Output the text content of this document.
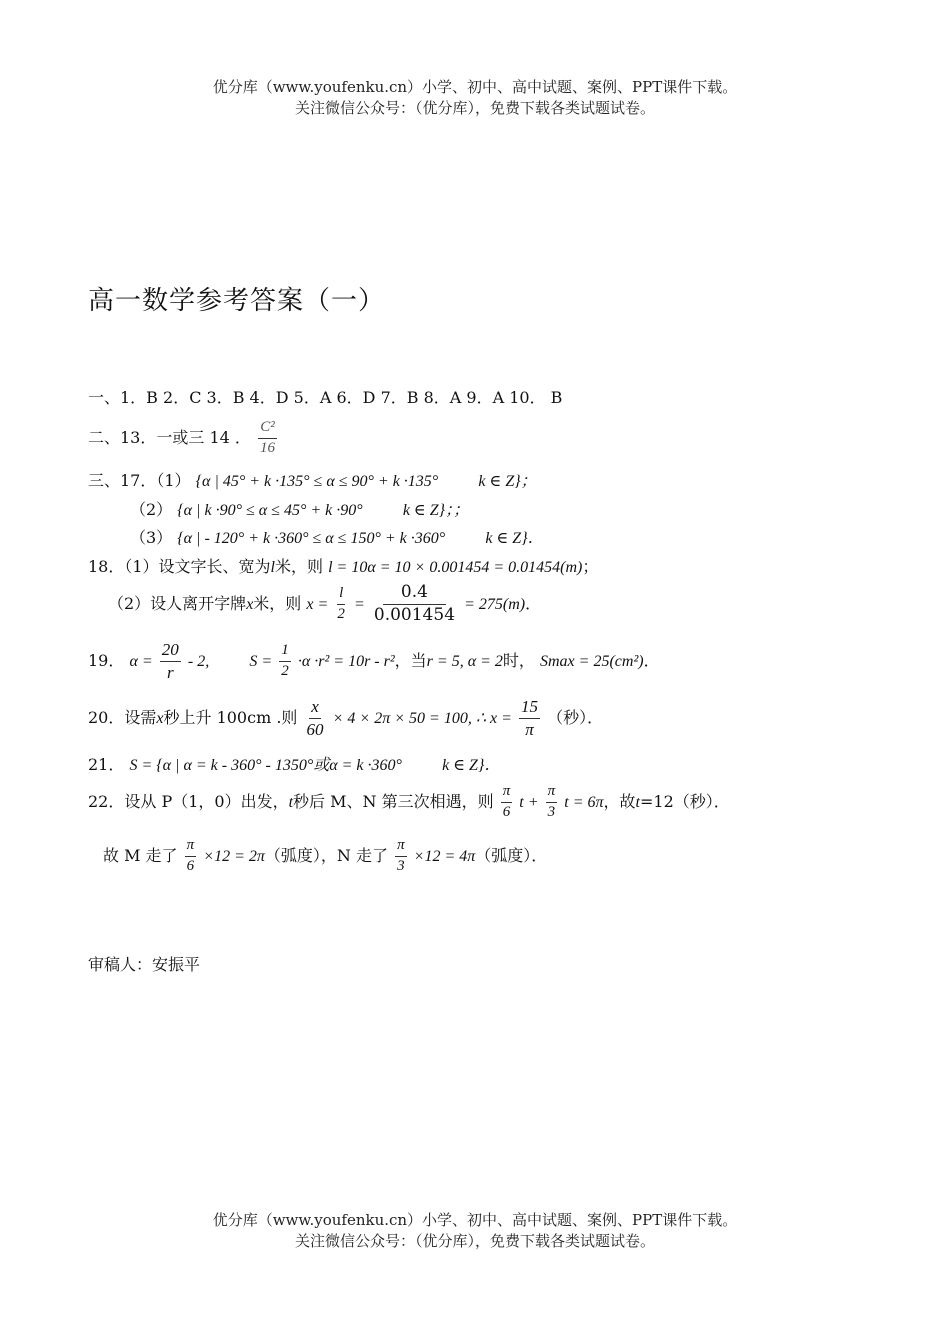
优分库（www.youfenku.cn）小学、初中、高中试题、案例、PPT课件下载。
关注微信公众号：（优分库），免费下载各类试题试卷。
高一数学参考答案（一）
一、1．B 2．C 3．B 4．D 5．A 6．D 7．B 8．A 9．A 10． B
二、13．一或三 14 ． $\frac{\text{C²}}{16}$
三、17．（1） {α | 45° + k ·135° ≤ α ≤ 90° + k ·135°	k ∈ Z}；
（2） {α | k ·90° ≤ α ≤ 45° + k ·90°	k ∈ Z}；；
（3） {α | - 120° + k ·360° ≤ α ≤ 150° + k ·360°	k ∈ Z}．
18．（1）设文字长、宽为l米，则 l = 10α = 10 × 0.001454 = 0.01454(m)；
（2）设人离开字牌x米，则 $x = \frac{l}{2} = \frac{0.4}{0.001454} = 275(m)$．
19． $\alpha = \frac{20}{r} - 2$,	$S = \frac{1}{2} \cdot\alpha \cdot r^2 = 10r - r^2$，当r = 5, α = 2时， Smax = 25(cm²)．
20．设需x秒上升 100cm .则 $\frac{x}{60} \times 4 \times 2\pi \times 50 = 100$, ∴ $x = \frac{15}{\pi}$ （秒）．
21． S = {α | α = k - 360° - 1350°或α = k ·360°	k ∈ Z}．
22．设从 P（1，0）出发，t秒后 M、N 第三次相遇，则 $\frac{\pi}{6}$ $t + \frac{\pi}{3}$ t = 6π，故t=12（秒）．
故 M 走了 $\frac{\pi}{6} \times 12 = 2\pi$（弧度），N 走了 $\frac{\pi}{3} \times 12 = 4\pi$（弧度）．
审稿人：安振平
优分库（www.youfenku.cn）小学、初中、高中试题、案例、PPT课件下载。
关注微信公众号：（优分库），免费下载各类试题试卷。
